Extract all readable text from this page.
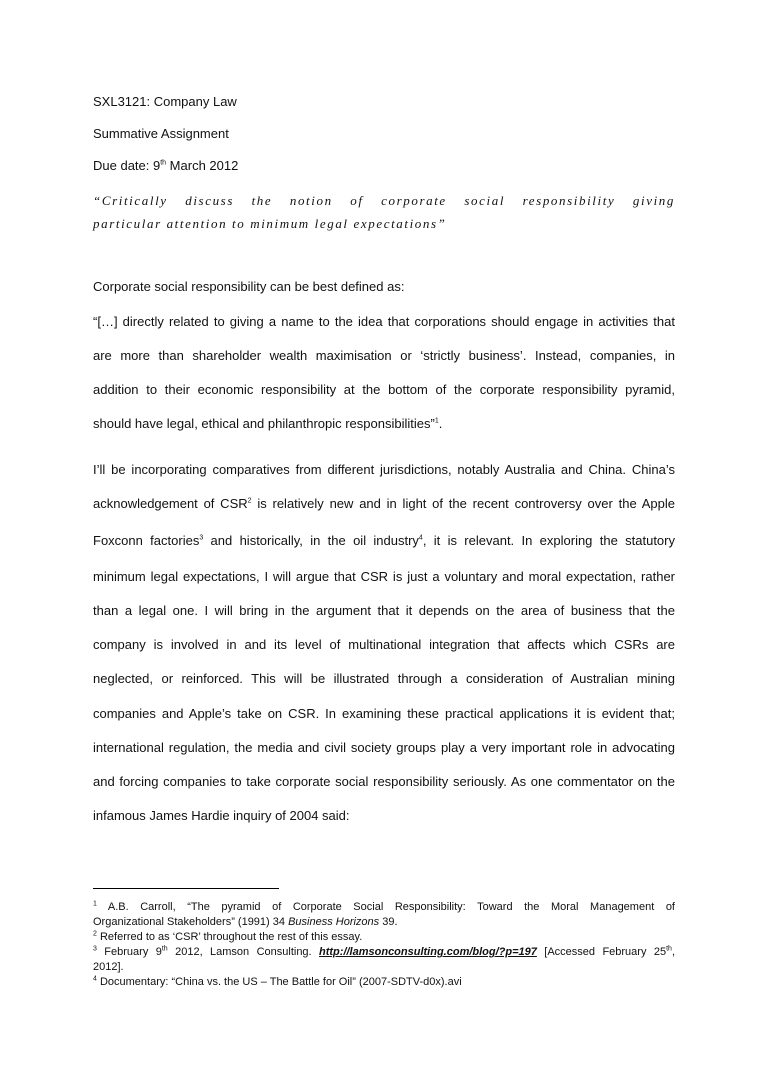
SXL3121: Company Law
Summative Assignment
Due date: 9th March 2012
“Critically discuss the notion of corporate social responsibility giving
particular attention to minimum legal expectations”
Corporate social responsibility can be best defined as:
“[…] directly related to giving a name to the idea that corporations should engage in activities that
are more than shareholder wealth maximisation or ‘strictly business’. Instead, companies, in
addition to their economic responsibility at the bottom of the corporate responsibility pyramid,
should have legal, ethical and philanthropic responsibilities”$^1$.
I’ll be incorporating comparatives from different jurisdictions, notably Australia and China. China’s
acknowledgement of CSR$^2$ is relatively new and in light of the recent controversy over the Apple
Foxconn factories$^3$ and historically, in the oil industry$^4$, it is relevant. In exploring the statutory
minimum legal expectations, I will argue that CSR is just a voluntary and moral expectation, rather
than a legal one. I will bring in the argument that it depends on the area of business that the
company is involved in and its level of multinational integration that affects which CSRs are
neglected, or reinforced. This will be illustrated through a consideration of Australian mining
companies and Apple’s take on CSR. In examining these practical applications it is evident that;
international regulation, the media and civil society groups play a very important role in advocating
and forcing companies to take corporate social responsibility seriously. As one commentator on the
infamous James Hardie inquiry of 2004 said:
$^1$ A.B. Carroll, “The pyramid of Corporate Social Responsibility: Toward the Moral Management of
Organizational Stakeholders” (1991) 34 Business Horizons 39.
$^2$ Referred to as ‘CSR’ throughout the rest of this essay.
$^3$ February 9th 2012, Lamson Consulting. http://lamsonconsulting.com/blog/?p=197 [Accessed February 25th,
2012].
$^4$ Documentary: “China vs. the US – The Battle for Oil” (2007-SDTV-d0x).avi
